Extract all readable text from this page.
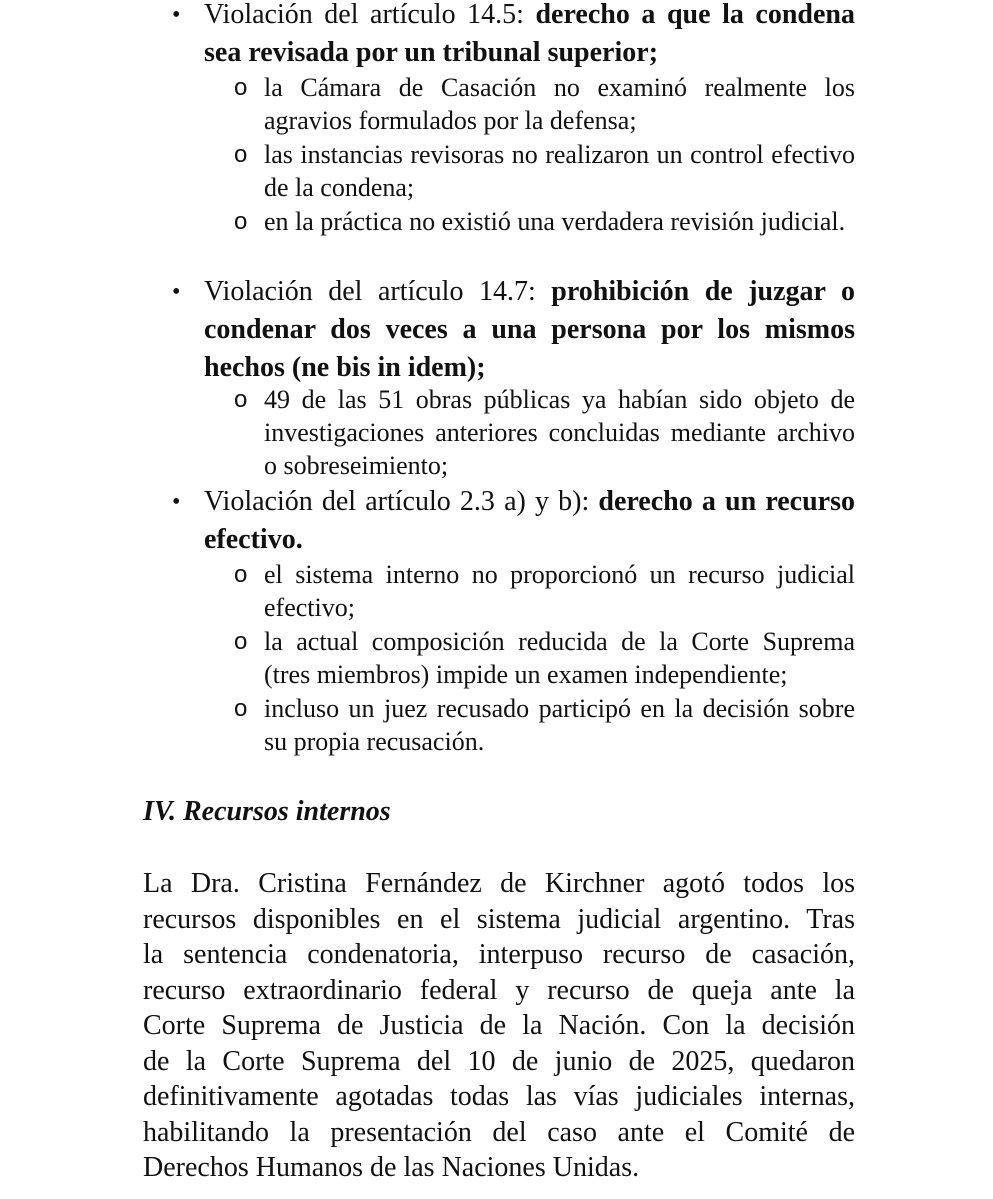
• Violación del artículo 14.5: derecho a que la condena sea revisada por un tribunal superior;
o la Cámara de Casación no examinó realmente los agravios formulados por la defensa;
o las instancias revisoras no realizaron un control efectivo de la condena;
o en la práctica no existió una verdadera revisión judicial.
• Violación del artículo 14.7: prohibición de juzgar o condenar dos veces a una persona por los mismos hechos (ne bis in idem);
o 49 de las 51 obras públicas ya habían sido objeto de investigaciones anteriores concluidas mediante archivo o sobreseimiento;
• Violación del artículo 2.3 a) y b): derecho a un recurso efectivo.
o el sistema interno no proporcionó un recurso judicial efectivo;
o la actual composición reducida de la Corte Suprema (tres miembros) impide un examen independiente;
o incluso un juez recusado participó en la decisión sobre su propia recusación.
IV. Recursos internos
La Dra. Cristina Fernández de Kirchner agotó todos los
recursos disponibles en el sistema judicial argentino. Tras
la sentencia condenatoria, interpuso recurso de casación,
recurso extraordinario federal y recurso de queja ante la
Corte Suprema de Justicia de la Nación. Con la decisión
de la Corte Suprema del 10 de junio de 2025, quedaron
definitivamente agotadas todas las vías judiciales internas,
habilitando la presentación del caso ante el Comité de
Derechos Humanos de las Naciones Unidas.
